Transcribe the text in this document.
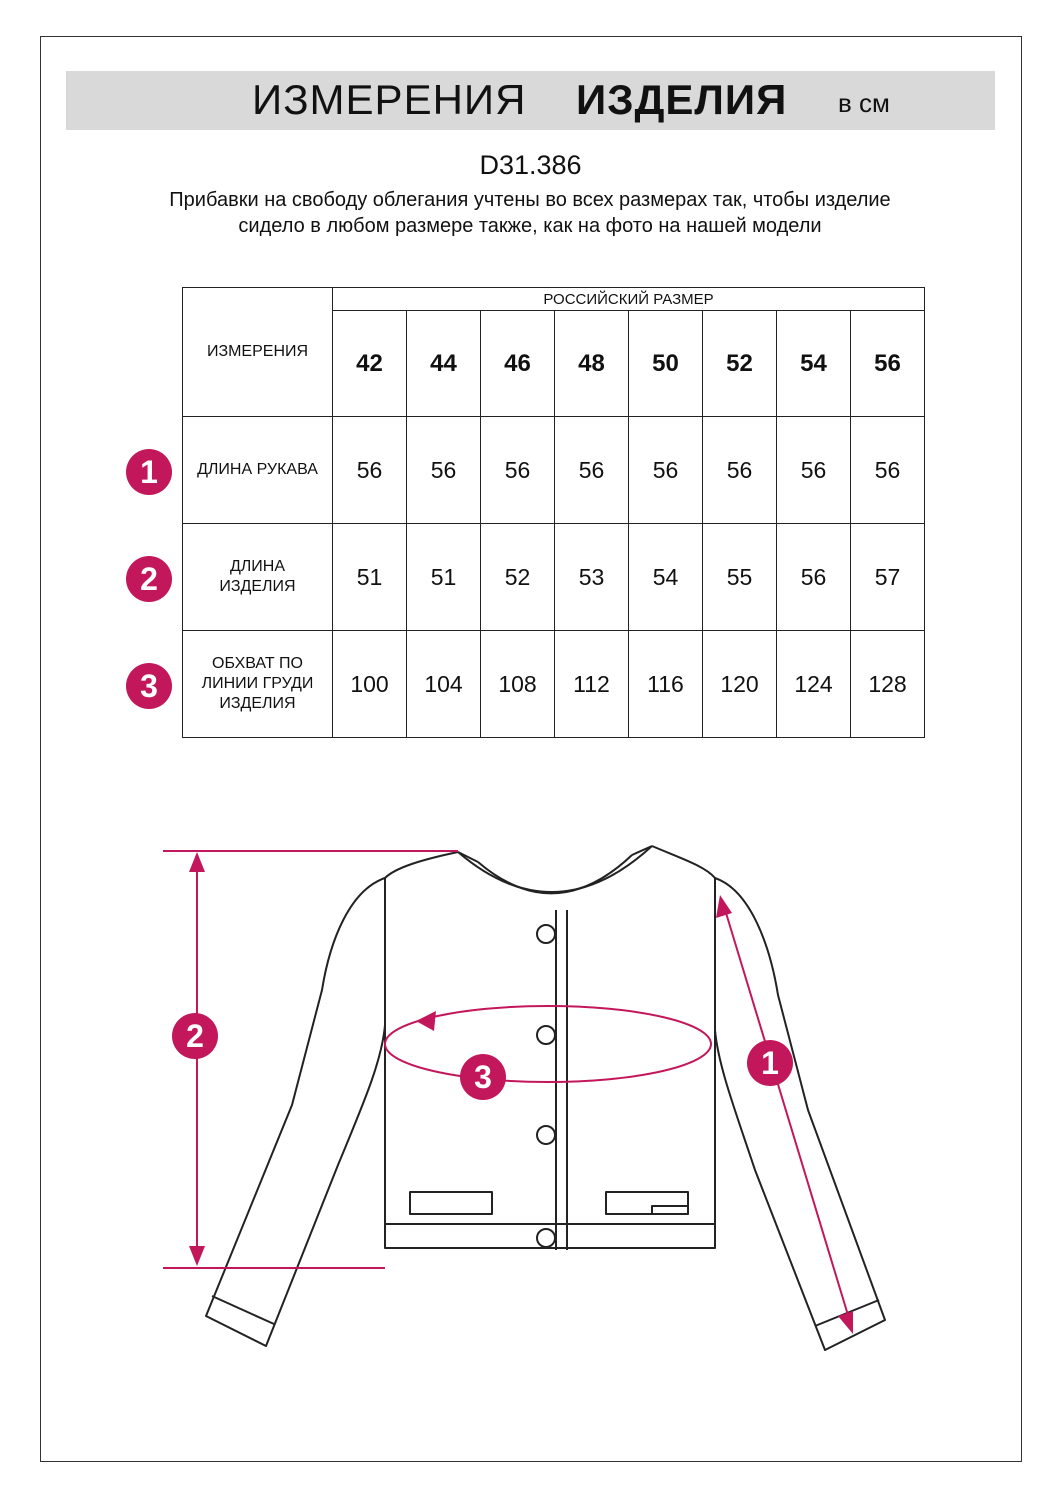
ИЗМЕРЕНИЯ ИЗДЕЛИЯ в см
D31.386
Прибавки на свободу облегания учтены во всех размерах так, чтобы изделие сидело в любом размере также, как на фото на нашей модели
ИЗМЕРЕНИЯ	РОССИЙСКИЙ РАЗМЕР							
	42	44	46	48	50	52	54	56
ДЛИНА РУКАВА	56	56	56	56	56	56	56	56
ДЛИНА ИЗДЕЛИЯ	51	51	52	53	54	55	56	57
ОБХВАТ ПО ЛИНИИ ГРУДИ ИЗДЕЛИЯ	100	104	108	112	116	120	124	128
1
2
3
2
3	1
